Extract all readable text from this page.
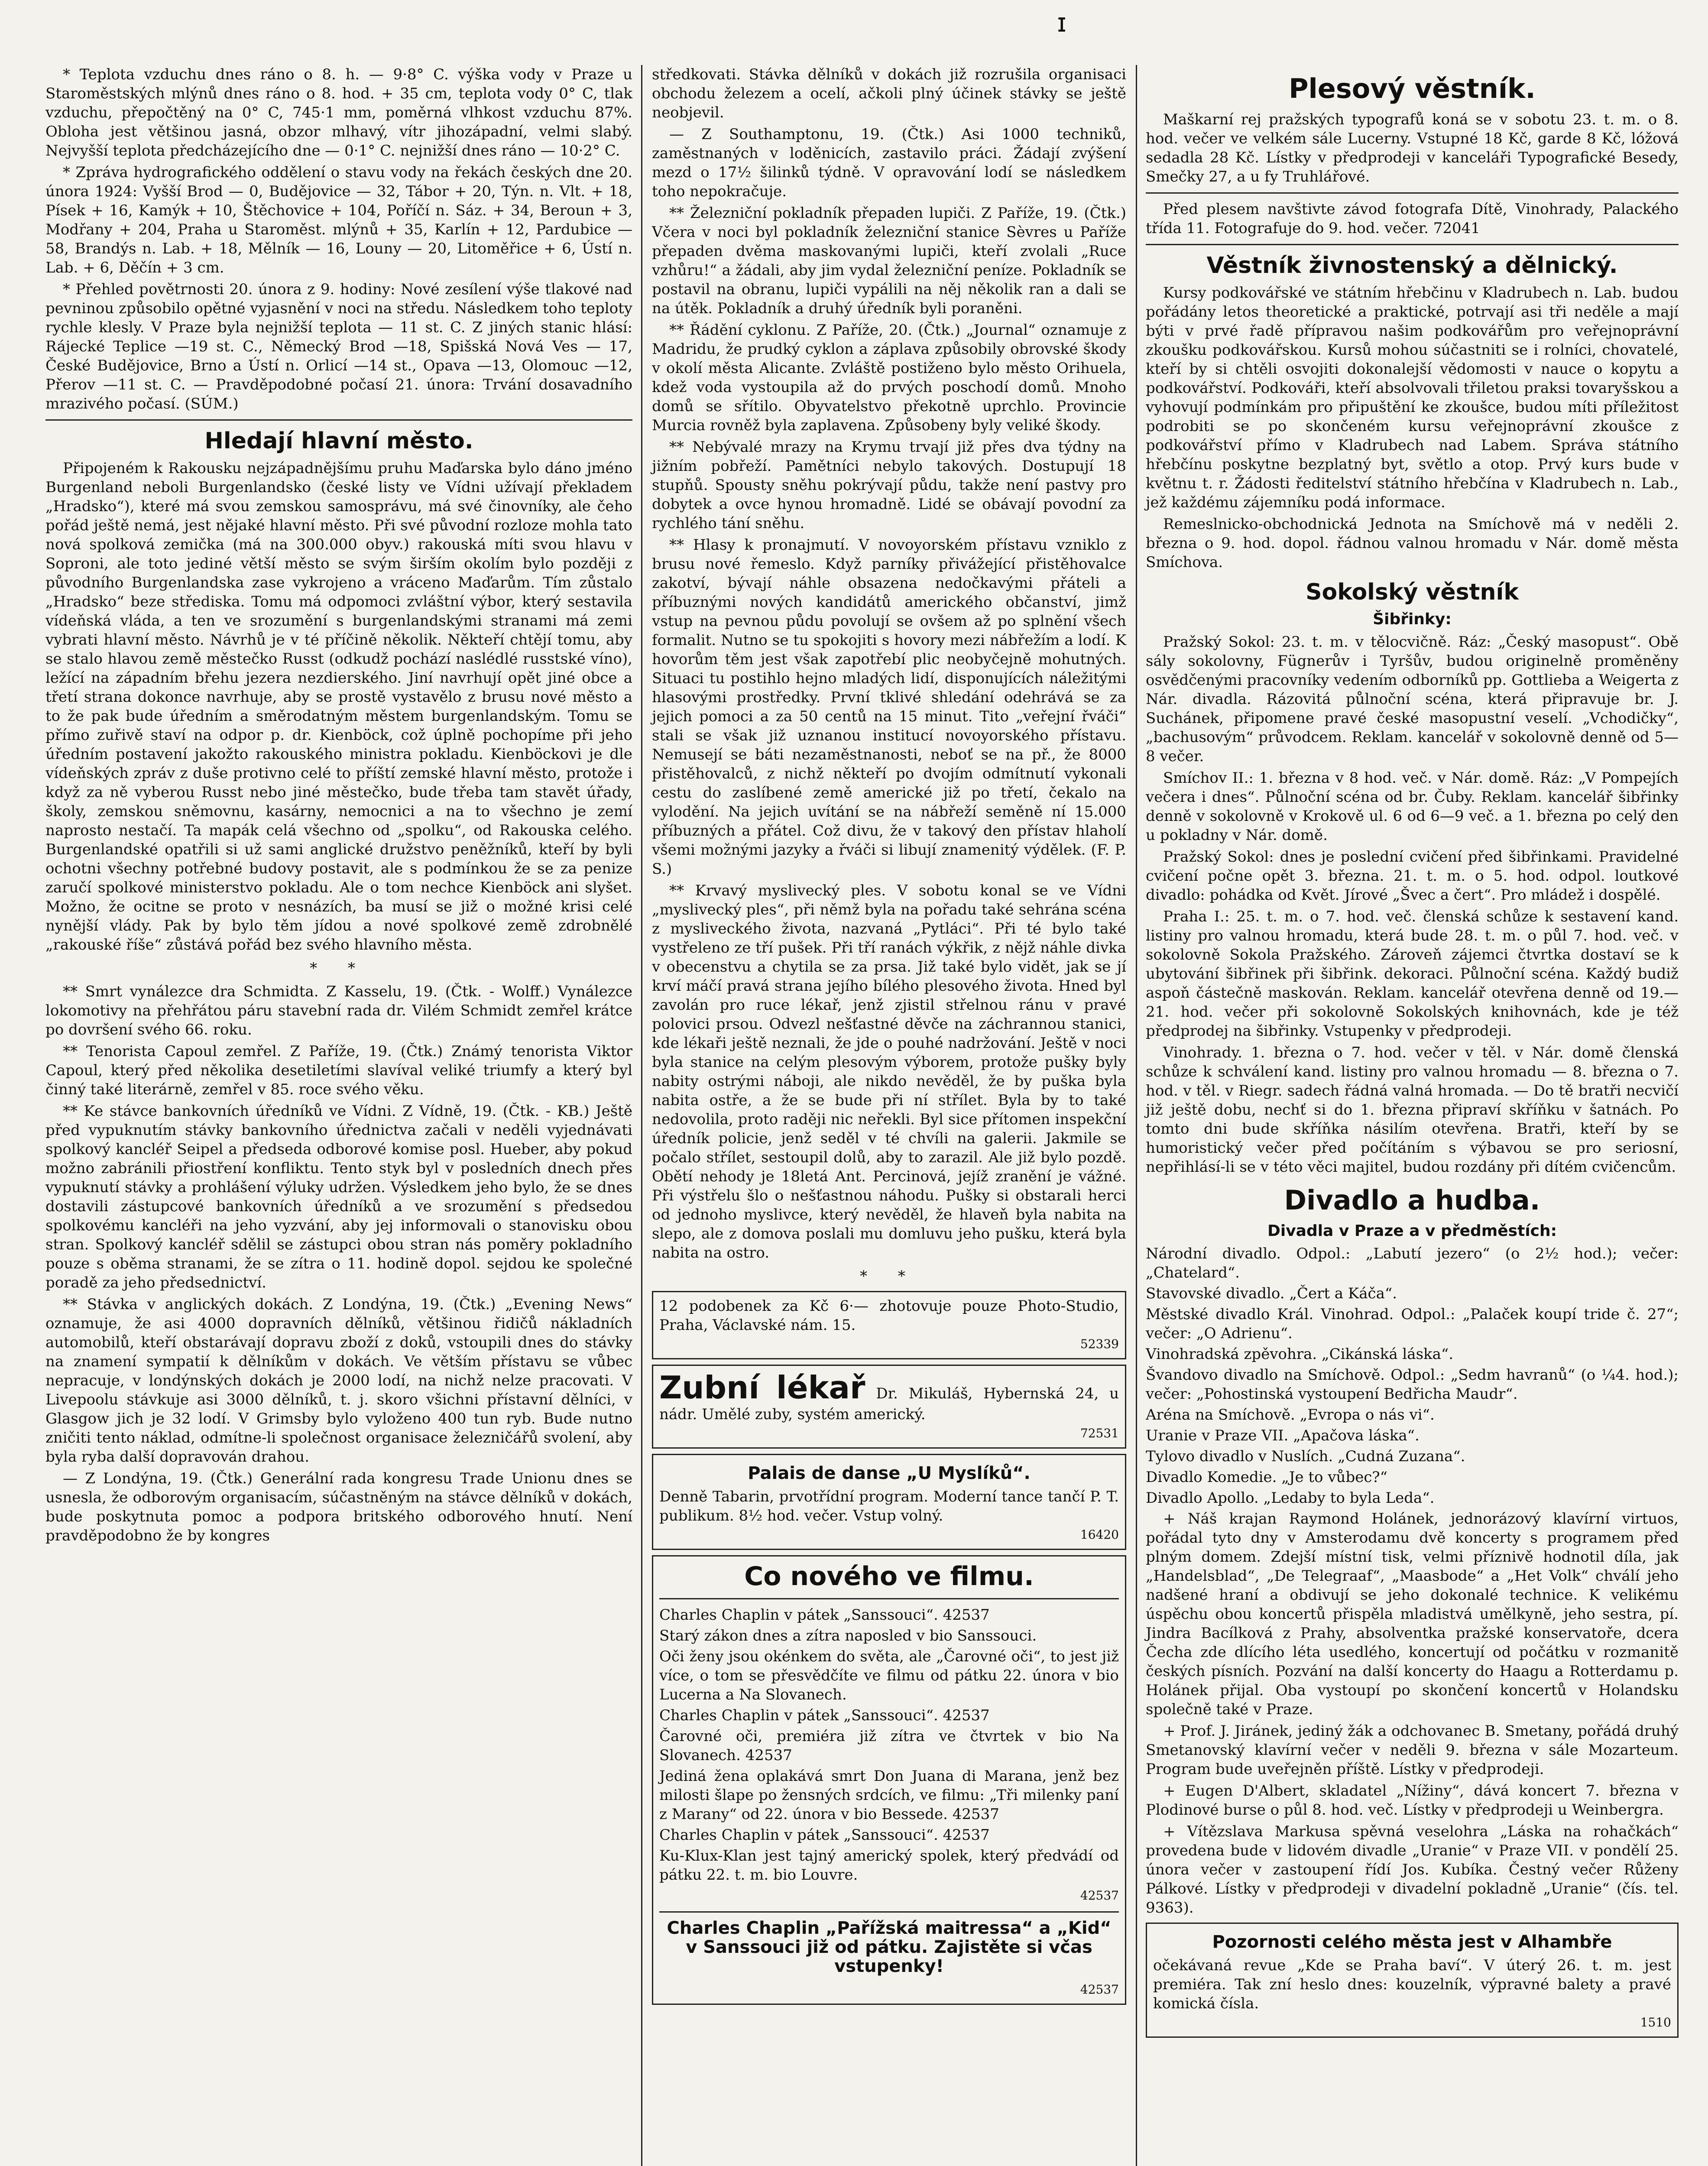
ɪ

* Teplota vzduchu dnes ráno o 8. h. — 9·8° C. výška vody v Praze u Staroměstských mlýnů dnes ráno o 8. hod. + 35 cm, teplota vody 0° C, tlak vzduchu, přepočtěný na 0° C, 745·1 mm, poměrná vlhkost vzduchu 87%. Obloha jest většinou jasná, obzor mlhavý, vítr jihozápadní, velmi slabý. Nejvyšší teplota předcházejícího dne — 0·1° C. nejnižší dnes ráno — 10·2° C.

* Zpráva hydrografického oddělení o stavu vody na řekách českých dne 20. února 1924: Vyšší Brod — 0, Budějovice — 32, Tábor + 20, Týn. n. Vlt. + 18, Písek + 16, Kamýk + 10, Štěchovice + 104, Poříčí n. Sáz. + 34, Beroun + 3, Modřany + 204, Praha u Staroměst. mlýnů + 35, Karlín + 12, Pardubice — 58, Brandýs n. Lab. + 18, Mělník — 16, Louny — 20, Litoměřice + 6, Ústí n. Lab. + 6, Děčín + 3 cm.

* Přehled povětrnosti 20. února z 9. hodiny: Nové zesílení výše tlakové nad pevninou způsobilo opětné vyjasnění v noci na středu. Následkem toho teploty rychle klesly. V Praze byla nejnižší teplota — 11 st. C. Z jiných stanic hlásí: Rájecké Teplice —19 st. C., Německý Brod —18, Spišská Nová Ves — 17, České Budějovice, Brno a Ústí n. Orlicí —14 st., Opava —13, Olomouc —12, Přerov —11 st. C. — Pravděpodobné počasí 21. února: Trvání dosavadního mrazivého počasí. (SÚM.)

Hledají hlavní město.

Připojeném k Rakousku nejzápadnějšímu pruhu Maďarska bylo dáno jméno Burgenland neboli Burgenlandsko (české listy ve Vídni užívají překladem „Hradsko“), které má svou zemskou samosprávu, má své činovníky, ale čeho pořád ještě nemá, jest nějaké hlavní město. Při své původní rozloze mohla tato nová spolková zemička (má na 300.000 obyv.) rakouská míti svou hlavu v Soproni, ale toto jediné větší město se svým širším okolím bylo později z původního Burgenlandska zase vykrojeno a vráceno Maďarům. Tím zůstalo „Hradsko“ beze střediska. Tomu má odpomoci zvláštní výbor, který sestavila vídeňská vláda, a ten ve srozumění s burgenlandskými stranami má zemi vybrati hlavní město. Návrhů je v té příčině několik. Někteří chtějí tomu, aby se stalo hlavou země městečko Russt (odkudž pochází naslédlé russtské víno), ležící na západním břehu jezera nezdierského. Jiní navrhují opět jiné obce a třetí strana dokonce navrhuje, aby se prostě vystavělo z brusu nové město a to že pak bude úředním a směrodatným městem burgenlandským. Tomu se přímo zuřivě staví na odpor p. dr. Kienböck, což úplně pochopíme při jeho úředním postavení jakožto rakouského ministra pokladu. Kienböckovi je dle vídeňských zpráv z duše protivno celé to příští zemské hlavní město, protože i když za ně vyberou Russt nebo jiné městečko, bude třeba tam stavět úřady, školy, zemskou sněmovnu, kasárny, nemocnici a na to všechno je zemí naprosto nestačí. Ta mapák celá všechno od „spolku“, od Rakouska celého. Burgenlandské opatřili si už sami anglické družstvo peněžníků, kteří by byli ochotni všechny potřebné budovy postavit, ale s podmínkou že se za penize zaručí spolkové ministerstvo pokladu. Ale o tom nechce Kienböck ani slyšet. Možno, že ocitne se proto v nesnázích, ba musí se již o možné krisi celé nynější vlády. Pak by bylo těm jídou a nové spolkové země zdrobnělé „rakouské říše“ zůstává pořád bez svého hlavního města.

* *

** Smrt vynálezce dra Schmidta. Z Kasselu, 19. (Čtk. - Wolff.) Vynálezce lokomotivy na přehřátou páru stavební rada dr. Vilém Schmidt zemřel krátce po dovršení svého 66. roku.

** Tenorista Capoul zemřel. Z Paříže, 19. (Čtk.) Známý tenorista Viktor Capoul, který před několika desetiletími slavíval veliké triumfy a který byl činný také literárně, zemřel v 85. roce svého věku.

** Ke stávce bankovních úředníků ve Vídni. Z Vídně, 19. (Čtk. - KB.) Ještě před vypuknutím stávky bankovního úřednictva začali v neděli vyjednávati spolkový kancléř Seipel a předseda odborové komise posl. Hueber, aby pokud možno zabránili přiostření konfliktu. Tento styk byl v posledních dnech přes vypuknutí stávky a prohlášení výluky udržen. Výsledkem jeho bylo, že se dnes dostavili zástupcové bankovních úředníků a ve srozumění s předsedou spolkovému kancléři na jeho vyzvání, aby jej informovali o stanovisku obou stran. Spolkový kancléř sdělil se zástupci obou stran nás poměry pokladního pouze s oběma stranami, že se zítra o 11. hodině dopol. sejdou ke společné poradě za jeho předsednictví.

** Stávka v anglických dokách. Z Londýna, 19. (Čtk.) „Evening News“ oznamuje, že asi 4000 dopravních dělníků, většinou řidičů nákladních automobilů, kteří obstarávají dopravu zboží z doků, vstoupili dnes do stávky na znamení sympatií k dělníkům v dokách. Ve větším přístavu se vůbec nepracuje, v londýnských dokách je 2000 lodí, na nichž nelze pracovati. V Livepoolu stávkuje asi 3000 dělníků, t. j. skoro všichni přístavní dělníci, v Glasgow jich je 32 lodí. V Grimsby bylo vyloženo 400 tun ryb. Bude nutno zničiti tento náklad, odmítne-li společnost organisace železničářů svolení, aby byla ryba další dopravován drahou.

— Z Londýna, 19. (Čtk.) Generální rada kongresu Trade Unionu dnes se usnesla, že odborovým organisacím, súčastněným na stávce dělníků v dokách, bude poskytnuta pomoc a podpora britského odborového hnutí. Není pravděpodobno že by kongres

středkovati. Stávka dělníků v dokách již rozrušila organisaci obchodu železem a ocelí, ačkoli plný účinek stávky se ještě neobjevil.

— Z Southamptonu, 19. (Čtk.) Asi 1000 techniků, zaměstnaných v loděnicích, zastavilo práci. Žádají zvýšení mezd o 17½ šilinků týdně. V opravování lodí se následkem toho nepokračuje.

** Železniční pokladník přepaden lupiči. Z Paříže, 19. (Čtk.) Včera v noci byl pokladník železniční stanice Sèvres u Paříže přepaden dvěma maskovanými lupiči, kteří zvolali „Ruce vzhůru!“ a žádali, aby jim vydal železniční peníze. Pokladník se postavil na obranu, lupiči vypálili na něj několik ran a dali se na útěk. Pokladník a druhý úředník byli poraněni.

** Řádění cyklonu. Z Paříže, 20. (Čtk.) „Journal“ oznamuje z Madridu, že prudký cyklon a záplava způsobily obrovské škody v okolí města Alicante. Zvláště postiženo bylo město Orihuela, kdež voda vystoupila až do prvých poschodí domů. Mnoho domů se sřítilo. Obyvatelstvo překotně uprchlo. Provincie Murcia rovněž byla zaplavena. Způsobeny byly veliké škody.

** Nebývalé mrazy na Krymu trvají již přes dva týdny na jižním pobřeží. Pamětníci nebylo takových. Dostupují 18 stupňů. Spousty sněhu pokrývají půdu, takže není pastvy pro dobytek a ovce hynou hromadně. Lidé se obávají povodní za rychlého tání sněhu.

** Hlasy k pronajmutí. V novoyorském přístavu vzniklo z brusu nové řemeslo. Když parníky přivážející přistěhovalce zakotví, bývají náhle obsazena nedočkavými přáteli a příbuznými nových kandidátů amerického občanství, jimž vstup na pevnou půdu povolují se ovšem až po splnění všech formalit. Nutno se tu spokojiti s hovory mezi nábřežím a lodí. K hovorům těm jest však zapotřebí plic neobyčejně mohutných. Situaci tu postihlo hejno mladých lidí, disponujících náležitými hlasovými prostředky. První tklivé shledání odehrává se za jejich pomoci a za 50 centů na 15 minut. Tito „veřejní řváči“ stali se však již uznanou institucí novoyorského přístavu. Nemusejí se báti nezaměstnanosti, neboť se na př., že 8000 přistěhovalců, z nichž někteří po dvojím odmítnutí vykonali cestu do zaslíbené země americké již po třetí, čekalo na vylodění. Na jejich uvítání se na nábřeží seměně ní 15.000 příbuzných a přátel. Což divu, že v takový den přístav hlaholí všemi možnými jazyky a řváči si libují znamenitý výdělek. (F. P. S.)

** Krvavý myslivecký ples. V sobotu konal se ve Vídni „myslivecký ples“, při němž byla na pořadu také sehrána scéna z mysliveckého života, nazvaná „Pytláci“. Při té bylo také vystřeleno ze tří pušek. Při tří ranách výkřik, z nějž náhle divka v obecenstvu a chytila se za prsa. Již také bylo vidět, jak se jí krví máčí pravá strana jejího bílého plesového života. Hned byl zavolán pro ruce lékař, jenž zjistil střelnou ránu v pravé polovici prsou. Odvezl nešťastné děvče na záchrannou stanici, kde lékaři ještě neznali, že jde o pouhé nadržování. Ještě v noci byla stanice na celým plesovým výborem, protože pušky byly nabity ostrými náboji, ale nikdo nevěděl, že by puška byla nabita ostře, a že se bude při ní střílet. Byla by to také nedovolila, proto raději nic neřekli. Byl sice přítomen inspekční úředník policie, jenž seděl v té chvíli na galerii. Jakmile se počalo střílet, sestoupil dolů, aby to zarazil. Ale již bylo pozdě. Obětí nehody je 18letá Ant. Percinová, jejíž zranění je vážné. Při výstřelu šlo o nešťastnou náhodu. Pušky si obstarali herci od jednoho myslivce, který nevěděl, že hlaveň byla nabita na slepo, ale z domova poslali mu domluvu jeho pušku, která byla nabita na ostro.

* *
12 podobenek za Kč 6·— zhotovuje pouze Photo-Studio, Praha, Václavské nám. 15.
52339
Zubní lékař Dr. Mikuláš, Hybernská 24, u nádr. Umělé zuby, systém americký.
72531
Palais de danse „U Myslíků“.
Denně Tabarin, prvotřídní program. Moderní tance tančí P. T. publikum. 8½ hod. večer. Vstup volný.
16420
Co nového ve filmu.

Charles Chaplin v pátek „Sanssouci“. 42537

Starý zákon dnes a zítra naposled v bio Sanssouci.

Oči ženy jsou okénkem do světa, ale „Čarovné oči“, to jest již více, o tom se přesvědčíte ve filmu od pátku 22. února v bio Lucerna a Na Slovanech.

Charles Chaplin v pátek „Sanssouci“. 42537

Čarovné oči, premiéra již zítra ve čtvrtek v bio Na Slovanech. 42537

Jediná žena oplakává smrt Don Juana di Marana, jenž bez milosti šlape po žensných srdcích, ve filmu: „Tři milenky paní z Marany“ od 22. února v bio Bessede. 42537

Charles Chaplin v pátek „Sanssouci“. 42537

Ku-Klux-Klan jest tajný americký spolek, který předvádí od pátku 22. t. m. bio Louvre.

42537

Charles Chaplin „Pařížská maitressa“ a „Kid“ v Sanssouci již od pátku. Zajistěte si včas vstupenky!
42537
Plesový věstník.

Maškarní rej pražských typografů koná se v sobotu 23. t. m. o 8. hod. večer ve velkém sále Lucerny. Vstupné 18 Kč, garde 8 Kč, lóžová sedadla 28 Kč. Lístky v předprodeji v kanceláři Typografické Besedy, Smečky 27, a u fy Truhlářové.

Před plesem navštivte závod fotografa Dítě, Vinohrady, Palackého třída 11. Fotografuje do 9. hod. večer. 72041

Věstník živnostenský a dělnický.

Kursy podkovářské ve státním hřebčinu v Kladrubech n. Lab. budou pořádány letos theoretické a praktické, potrvají asi tři neděle a mají býti v prvé řadě přípravou našim podkovářům pro veřejnoprávní zkoušku podkovářskou. Kursů mohou súčastniti se i rolníci, chovatelé, kteří by si chtěli osvojiti dokonalejší vědomosti v nauce o kopytu a podkovářství. Podkováři, kteří absolvovali třiletou praksi tovaryšskou a vyhovují podmínkám pro připuštění ke zkoušce, budou míti příležitost podrobiti se po skončeném kursu veřejnoprávní zkoušce z podkovářství přímo v Kladrubech nad Labem. Správa státního hřebčínu poskytne bezplatný byt, světlo a otop. Prvý kurs bude v květnu t. r. Žádosti ředitelství státního hřebčína v Kladrubech n. Lab., jež každému zájemníku podá informace.

Remeslnicko-obchodnická Jednota na Smíchově má v neděli 2. března o 9. hod. dopol. řádnou valnou hromadu v Nár. domě města Smíchova.

Sokolský věstník
Šibřinky:

Pražský Sokol: 23. t. m. v tělocvičně. Ráz: „Český masopust“. Obě sály sokolovny, Fügnerův i Tyršův, budou originelně proměněny osvědčenými pracovníky vedením odborníků pp. Gottlieba a Weigerta z Nár. divadla. Rázovitá půlnoční scéna, která připravuje br. J. Suchánek, připomene pravé české masopustní veselí. „Vchodičky“, „bachusovým“ průvodcem. Reklam. kancelář v sokolovně denně od 5—8 večer.

Smíchov II.: 1. března v 8 hod. več. v Nár. domě. Ráz: „V Pompejích večera i dnes“. Půlnoční scéna od br. Čuby. Reklam. kancelář šibřinky denně v sokolovně v Krokově ul. 6 od 6—9 več. a 1. března po celý den u pokladny v Nár. domě.

Pražský Sokol: dnes je poslední cvičení před šibřinkami. Pravidelné cvičení počne opět 3. března. 21. t. m. o 5. hod. odpol. loutkové divadlo: pohádka od Květ. Jírové „Švec a čert“. Pro mládež i dospělé.

Praha I.: 25. t. m. o 7. hod. več. členská schůze k sestavení kand. listiny pro valnou hromadu, která bude 28. t. m. o půl 7. hod. več. v sokolovně Sokola Pražského. Zároveň zájemci čtvrtka dostaví se k ubytování šibřinek při šibřink. dekoraci. Půlnoční scéna. Každý budiž aspoň částečně maskován. Reklam. kancelář otevřena denně od 19.—21. hod. večer při sokolovně Sokolských knihovnách, kde je též předprodej na šibřinky. Vstupenky v předprodeji.

Vinohrady. 1. března o 7. hod. večer v těl. v Nár. domě členská schůze k schválení kand. listiny pro valnou hromadu — 8. března o 7. hod. v těl. v Riegr. sadech řádná valná hromada. — Do tě bratři necvičí již ještě dobu, nechť si do 1. března připraví skříňku v šatnách. Po tomto dni bude skříňka násilím otevřena. Bratři, kteří by se humoristický večer před počítáním s výbavou se pro seriosní, nepřihlásí-li se v této věci majitel, budou rozdány při dítém cvičencům.

Divadlo a hudba.
Divadla v Praze a v předměstích:

Národní divadlo. Odpol.: „Labutí jezero“ (o 2½ hod.); večer: „Chatelard“.

Stavovské divadlo. „Čert a Káča“.

Městské divadlo Král. Vinohrad. Odpol.: „Palaček koupí tride č. 27“; večer: „O Adrienu“.

Vinohradská zpěvohra. „Cikánská láska“.

Švandovo divadlo na Smíchově. Odpol.: „Sedm havranů“ (o ¼4. hod.); večer: „Pohostinská vystoupení Bedřicha Maudr“.

Aréna na Smíchově. „Evropa o nás vi“.

Uranie v Praze VII. „Apačova láska“.

Tylovo divadlo v Nuslích. „Cudná Zuzana“.

Divadlo Komedie. „Je to vůbec?“

Divadlo Apollo. „Ledaby to byla Leda“.

+ Náš krajan Raymond Holánek, jednorázový klavírní virtuos, pořádal tyto dny v Amsterodamu dvě koncerty s programem před plným domem. Zdejší místní tisk, velmi příznivě hodnotil díla, jak „Handelsblad“, „De Telegraaf“, „Maasbode“ a „Het Volk“ chválí jeho nadšené hraní a obdivují se jeho dokonalé technice. K velikému úspěchu obou koncertů přispěla mladistvá umělkyně, jeho sestra, pí. Jindra Bacílková z Prahy, absolventka pražské konservatoře, dcera Čecha zde dlícího léta usedlého, koncertují od počátku v rozmanitě českých písních. Pozvání na další koncerty do Haagu a Rotterdamu p. Holánek přijal. Oba vystoupí po skončení koncertů v Holandsku společně také v Praze.

+ Prof. J. Jiránek, jediný žák a odchovanec B. Smetany, pořádá druhý Smetanovský klavírní večer v neděli 9. března v sále Mozarteum. Program bude uveřejněn příště. Lístky v předprodeji.

+ Eugen D'Albert, skladatel „Nížiny“, dává koncert 7. března v Plodinové burse o půl 8. hod. več. Lístky v předprodeji u Weinbergra.

+ Vítězslava Markusa spěvná veselohra „Láska na rohačkách“ provedena bude v lidovém divadle „Uranie“ v Praze VII. v pondělí 25. února večer v zastoupení řídí Jos. Kubíka. Čestný večer Růženy Pálkové. Lístky v předprodeji v divadelní pokladně „Uranie“ (čís. tel. 9363).

Pozornosti celého města jest v Alhambře
očekávaná revue „Kde se Praha baví“. V úterý 26. t. m. jest premiéra. Tak zní heslo dnes: kouzelník, výpravné balety a pravé komická čísla.
1510
